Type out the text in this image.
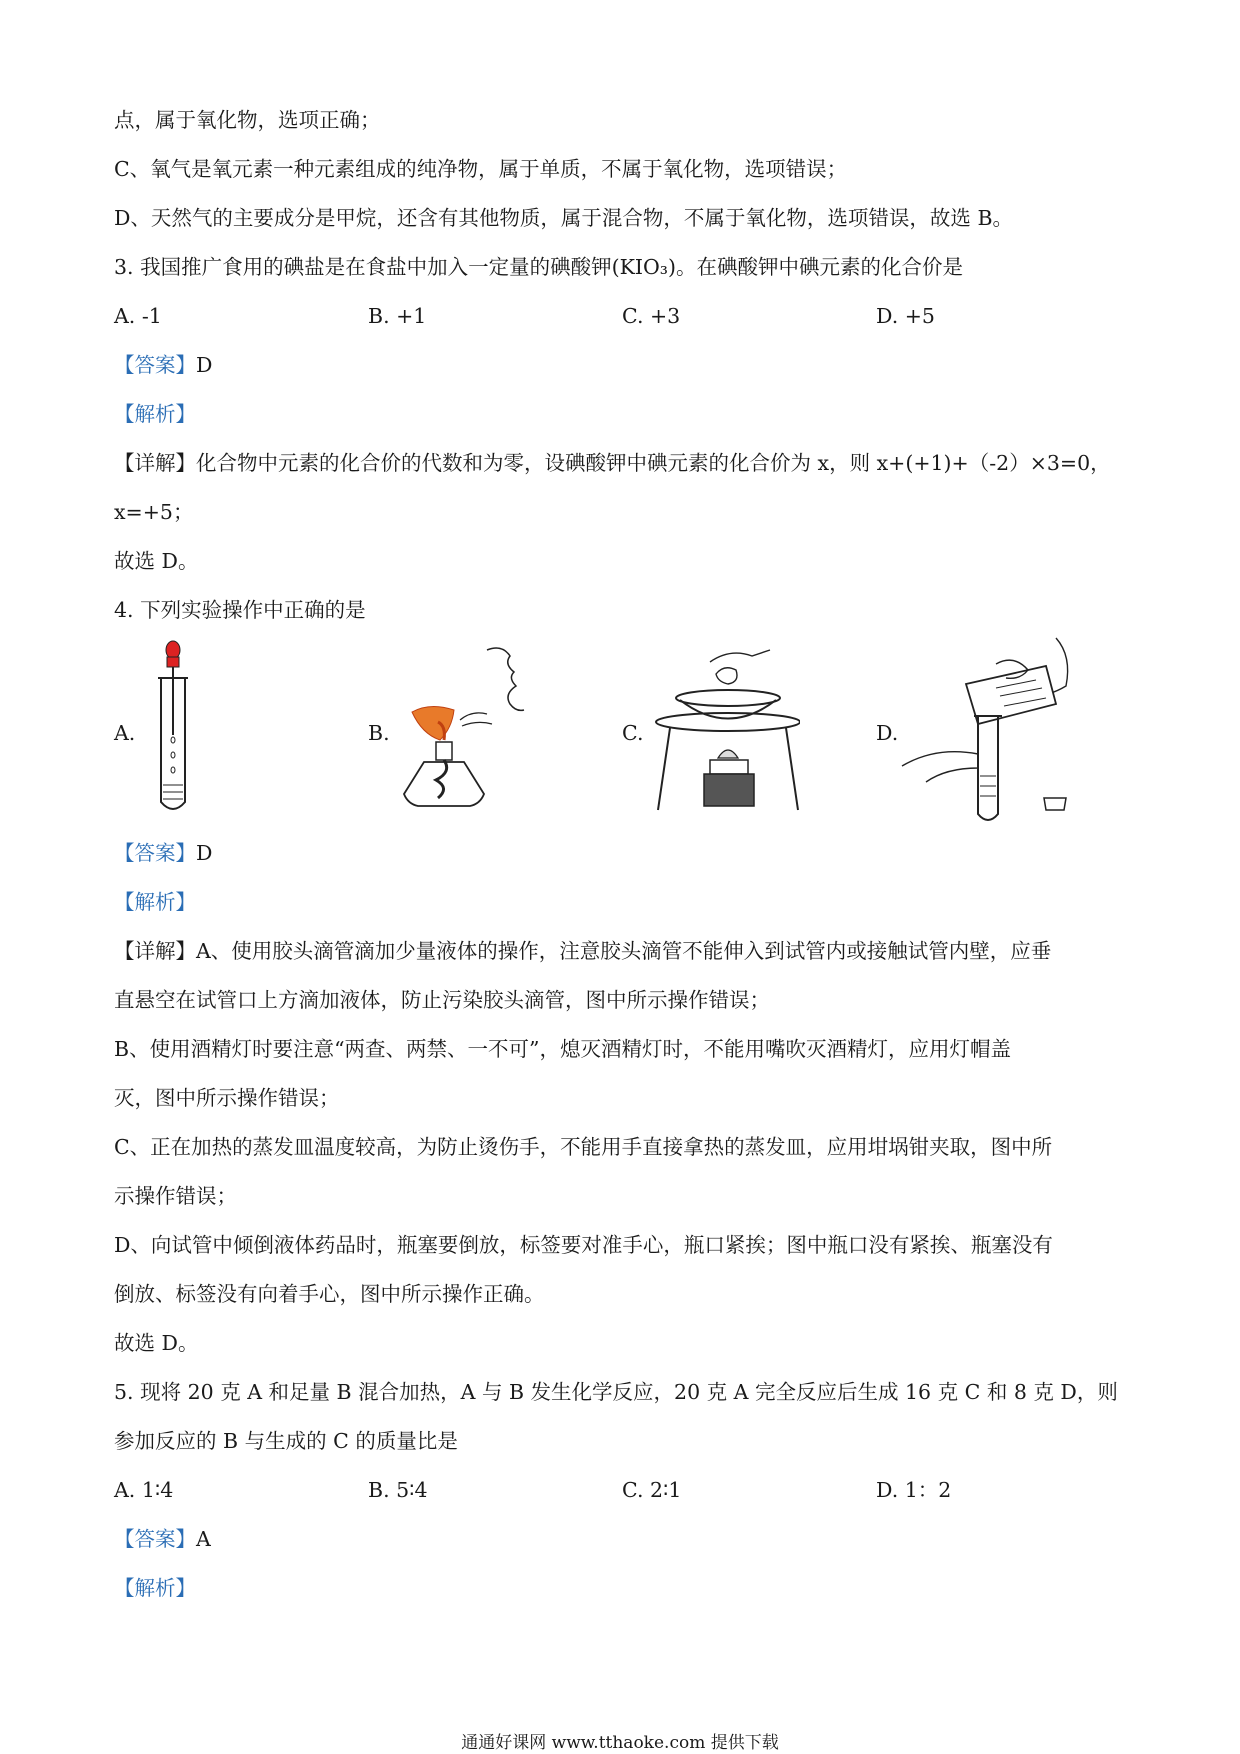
点，属于氧化物，选项正确；
C、氧气是氧元素一种元素组成的纯净物，属于单质，不属于氧化物，选项错误；
D、天然气的主要成分是甲烷，还含有其他物质，属于混合物，不属于氧化物，选项错误，故选 B。
3. 我国推广食用的碘盐是在食盐中加入一定量的碘酸钾(KIO₃)。在碘酸钾中碘元素的化合价是
A. -1	B. +1	C. +3	D. +5
【答案】D
【解析】
【详解】化合物中元素的化合价的代数和为零，设碘酸钾中碘元素的化合价为 x，则 x+(+1)+（-2）×3=0，
x=+5；
故选 D。
4. 下列实验操作中正确的是
A.	B.	C.	D.
【答案】D
【解析】
【详解】A、使用胶头滴管滴加少量液体的操作，注意胶头滴管不能伸入到试管内或接触试管内壁，应垂
直悬空在试管口上方滴加液体，防止污染胶头滴管，图中所示操作错误；
B、使用酒精灯时要注意“两查、两禁、一不可”，熄灭酒精灯时，不能用嘴吹灭酒精灯，应用灯帽盖
灭，图中所示操作错误；
C、正在加热的蒸发皿温度较高，为防止烫伤手，不能用手直接拿热的蒸发皿，应用坩埚钳夹取，图中所
示操作错误；
D、向试管中倾倒液体药品时，瓶塞要倒放，标签要对准手心，瓶口紧挨；图中瓶口没有紧挨、瓶塞没有
倒放、标签没有向着手心，图中所示操作正确。
故选 D。
5. 现将 20 克 A 和足量 B 混合加热，A 与 B 发生化学反应，20 克 A 完全反应后生成 16 克 C 和 8 克 D，则
参加反应的 B 与生成的 C 的质量比是
A. 1∶4	B. 5∶4	C. 2∶1	D. 1：2
【答案】A
【解析】
通通好课网 www.tthaoke.com 提供下载
